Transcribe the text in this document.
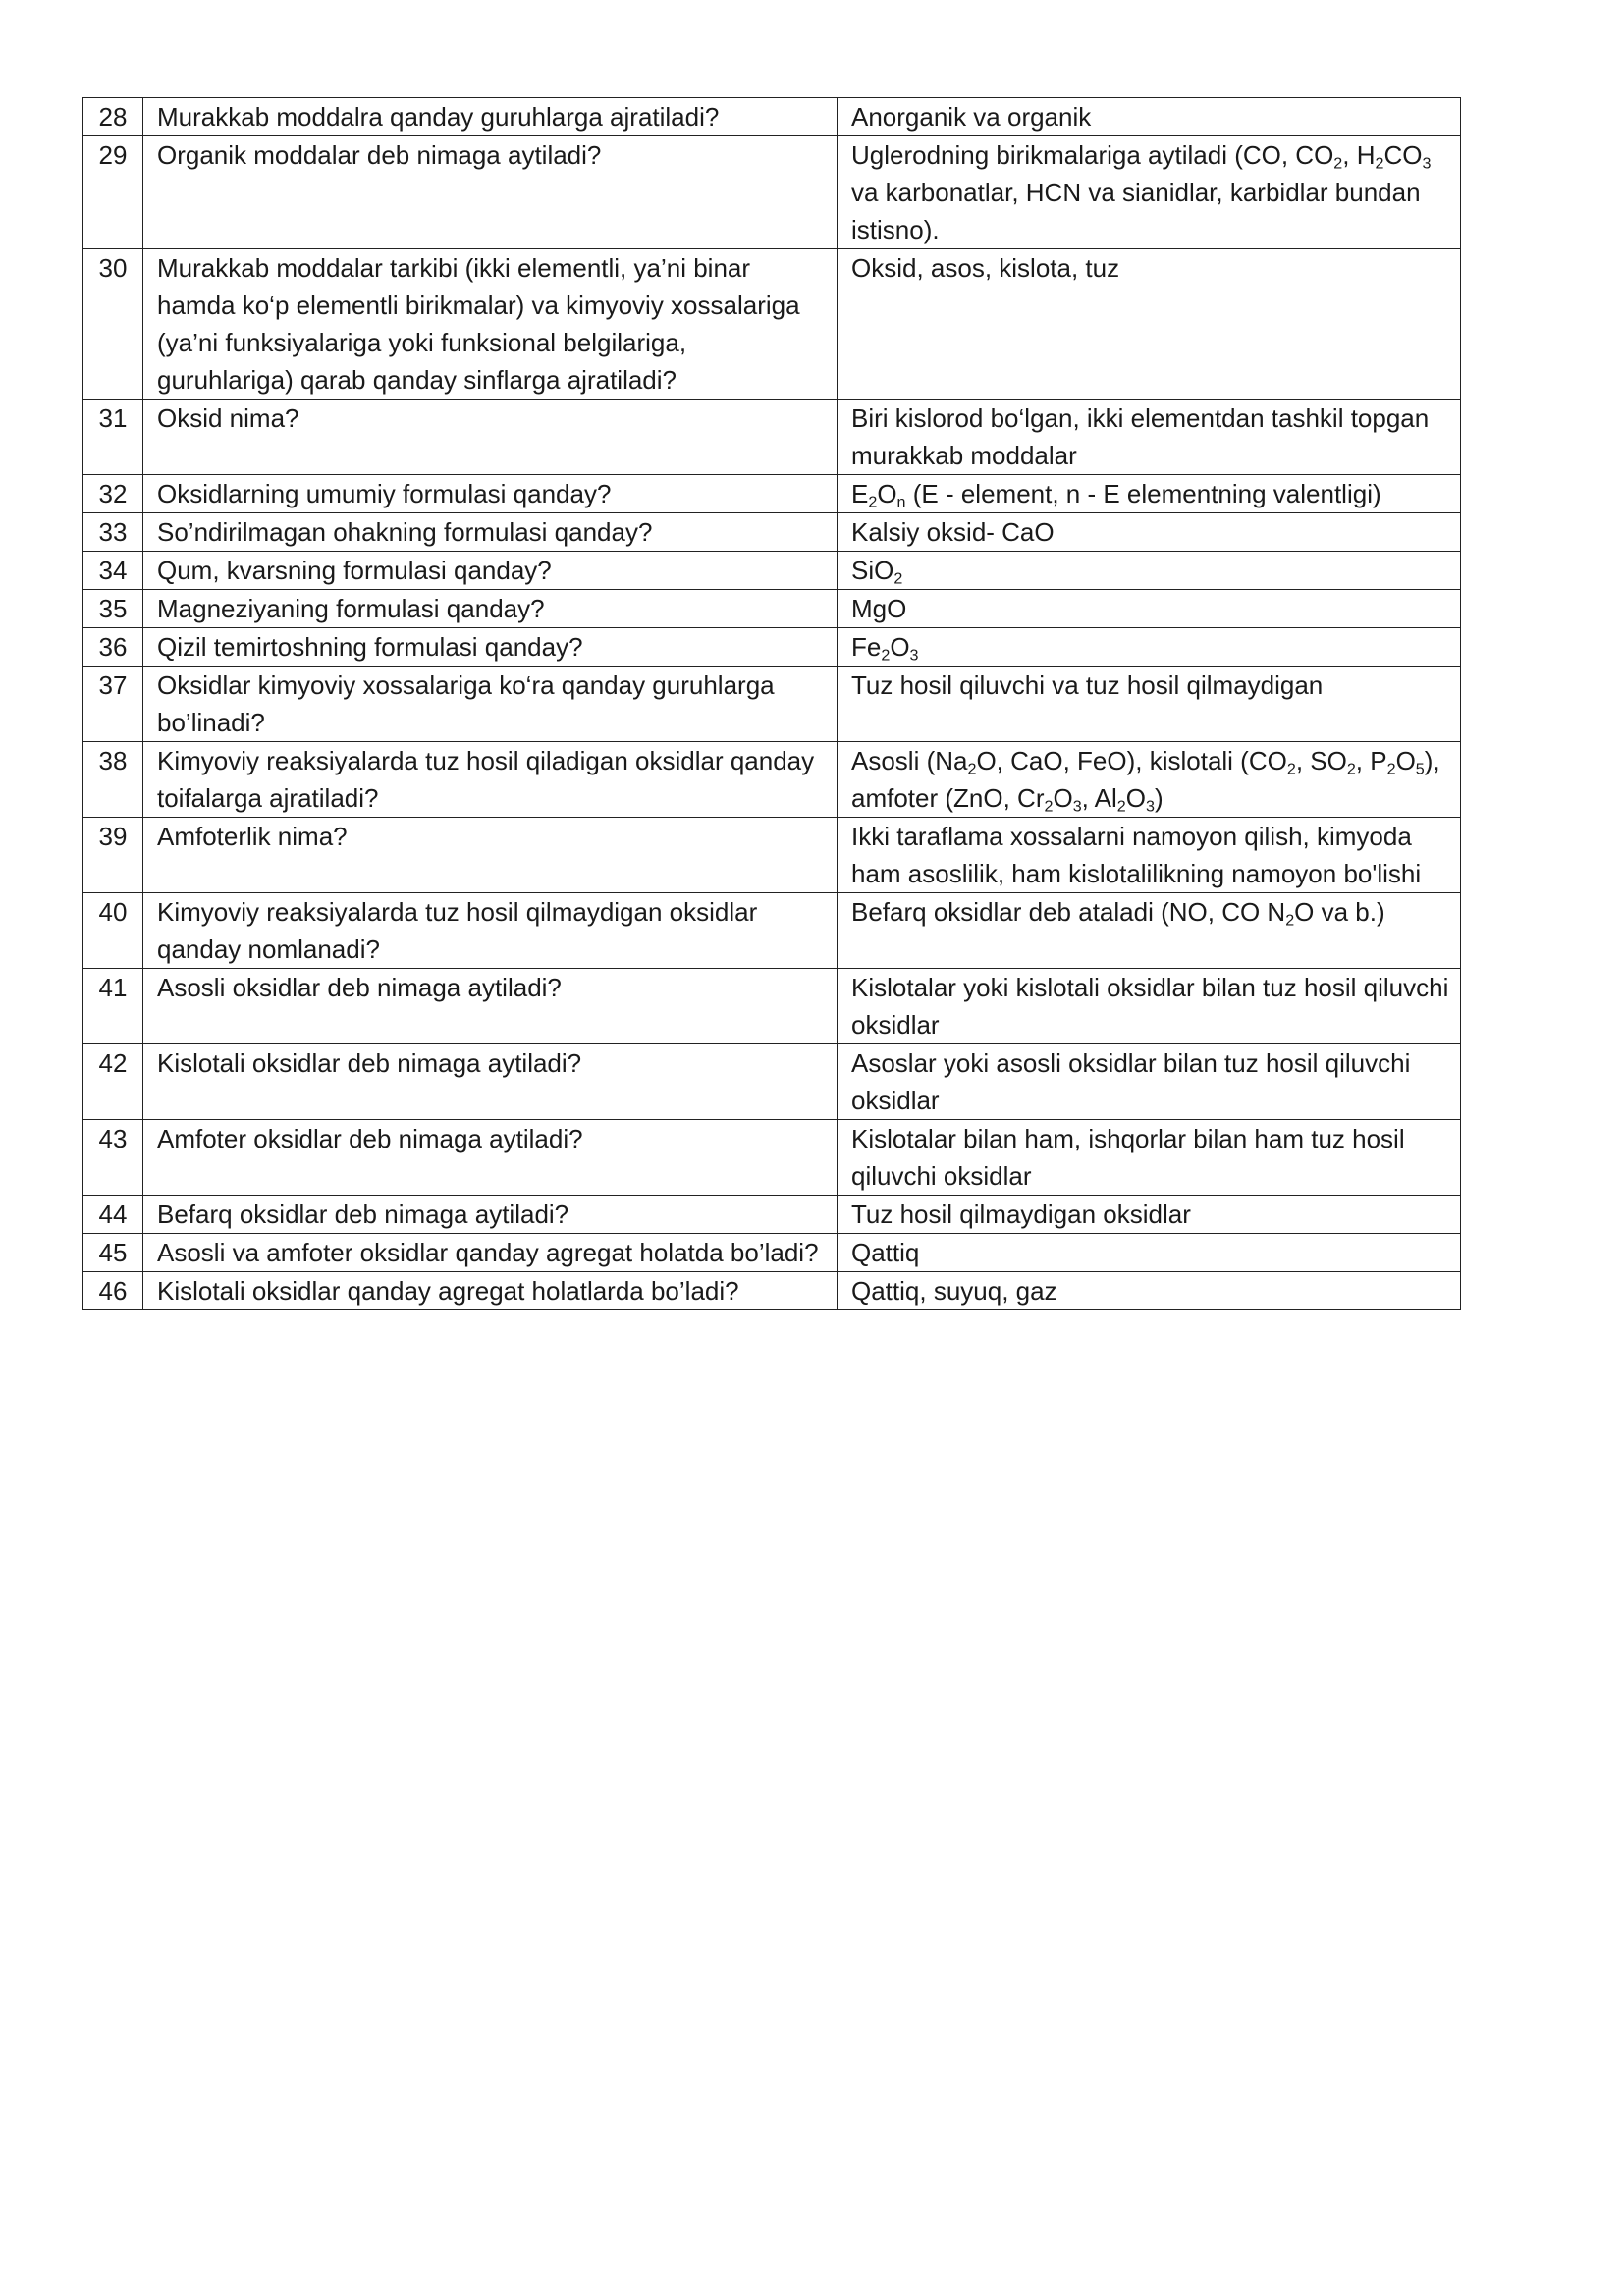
28	Murakkab moddalra qanday guruhlarga ajratiladi?	Anorganik va organik
29	Organik moddalar deb nimaga aytiladi?	Uglerodning birikmalariga aytiladi (CO, $CO_2$, $H_2CO_3$ va karbonatlar, HCN va sianidlar, karbidlar bundan istisno).
30	Murakkab moddalar tarkibi (ikki elementli, ya’ni binar hamda ko‘p elementli birikmalar) va kimyoviy xossalariga (ya’ni funksiyalariga yoki funksional belgilariga, guruhlariga) qarab qanday sinflarga ajratiladi?	Oksid, asos, kislota, tuz
31	Oksid nima?	Biri kislorod bo‘lgan, ikki elementdan tashkil topgan murakkab moddalar
32	Oksidlarning umumiy formulasi qanday?	$E_2O_n$ (E - element, n - E elementning valentligi)
33	So’ndirilmagan ohakning formulasi qanday?	Kalsiy oksid- CaO
34	Qum, kvarsning formulasi qanday?	SiO$_2$
35	Magneziyaning formulasi qanday?	MgO
36	Qizil temirtoshning formulasi qanday?	$Fe_2O_3$
37	Oksidlar kimyoviy xossalariga ko‘ra qanday guruhlarga bo’linadi?	Tuz hosil qiluvchi va tuz hosil qilmaydigan
38	Kimyoviy reaksiyalarda tuz hosil qiladigan oksidlar qanday toifalarga ajratiladi?	Asosli ($Na_2O$, CaO, FeO), kislotali ($CO_2$, $SO_2$, $P_2O_5$), amfoter (ZnO, $Cr_2O_3$, $Al_2O_3$)
39	Amfoterlik nima?	Ikki taraflama xossalarni namoyon qilish, kimyoda ham asoslilik, ham kislotalilikning namoyon bo'lishi
40	Kimyoviy reaksiyalarda tuz hosil qilmaydigan oksidlar qanday nomlanadi?	Befarq oksidlar deb ataladi (NO, CO $N_2O$ va b.)
41	Asosli oksidlar deb nimaga aytiladi?	Kislotalar yoki kislotali oksidlar bilan tuz hosil qiluvchi oksidlar
42	Kislotali oksidlar deb nimaga aytiladi?	Asoslar yoki asosli oksidlar bilan tuz hosil qiluvchi oksidlar
43	Amfoter oksidlar deb nimaga aytiladi?	Kislotalar bilan ham, ishqorlar bilan ham tuz hosil qiluvchi oksidlar
44	Befarq oksidlar deb nimaga aytiladi?	Tuz hosil qilmaydigan oksidlar
45	Asosli va amfoter oksidlar qanday agregat holatda bo’ladi?	Qattiq
46	Kislotali oksidlar qanday agregat holatlarda bo’ladi?	Qattiq, suyuq, gaz
